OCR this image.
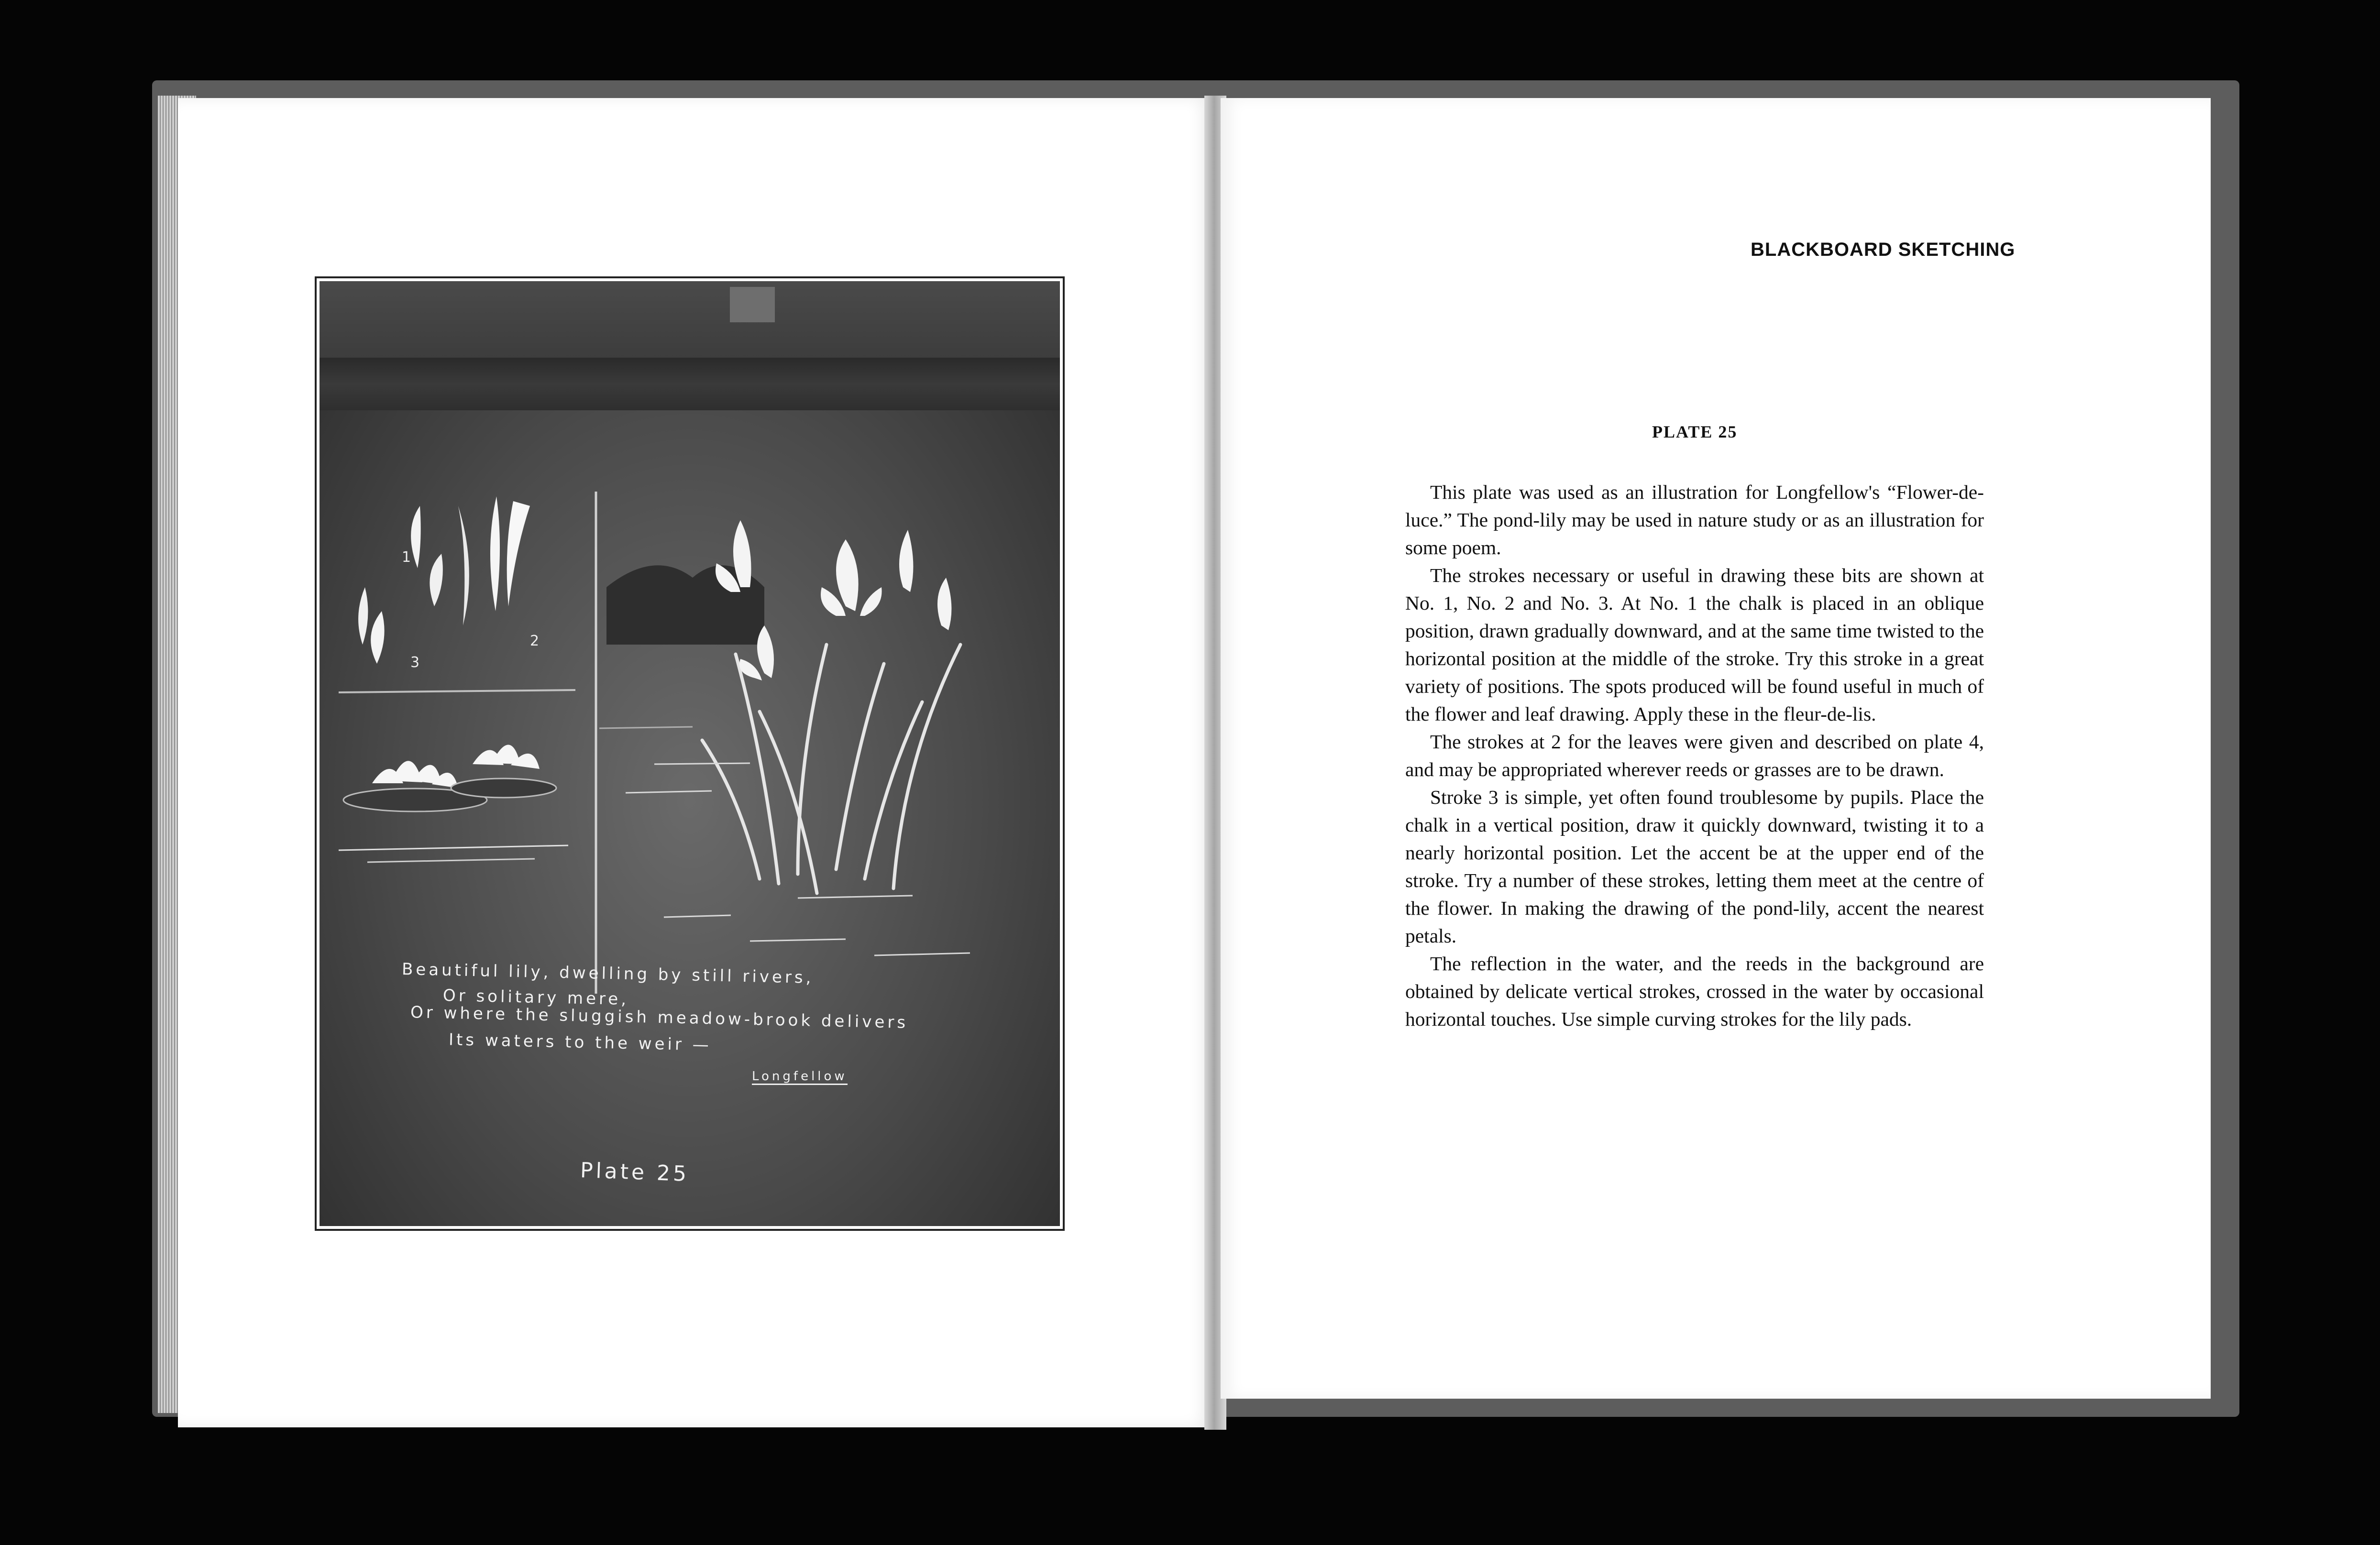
1
2
3
Beautiful lily, dwelling by still rivers,
Or solitary mere,
Or where the sluggish meadow-brook delivers
Its waters to the weir —
Longfellow
Plate 25
BLACKBOARD SKETCHING
PLATE 25

This plate was used as an illustration for Longfellow's “Flower-de-luce.” The pond-lily may be used in nature study or as an illustration for some poem.

The strokes necessary or useful in drawing these bits are shown at No. 1, No. 2 and No. 3. At No. 1 the chalk is placed in an oblique position, drawn gradually downward, and at the same time twisted to the horizontal position at the middle of the stroke. Try this stroke in a great variety of positions. The spots produced will be found useful in much of the flower and leaf drawing. Apply these in the fleur-de-lis.

The strokes at 2 for the leaves were given and described on plate 4, and may be appropriated wherever reeds or grasses are to be drawn.

Stroke 3 is simple, yet often found troublesome by pupils. Place the chalk in a vertical position, draw it quickly downward, twisting it to a nearly horizontal position. Let the accent be at the upper end of the stroke. Try a number of these strokes, letting them meet at the centre of the flower. In making the drawing of the pond-lily, accent the nearest petals.

The reflection in the water, and the reeds in the background are obtained by delicate vertical strokes, crossed in the water by occasional horizontal touches. Use simple curving strokes for the lily pads.
